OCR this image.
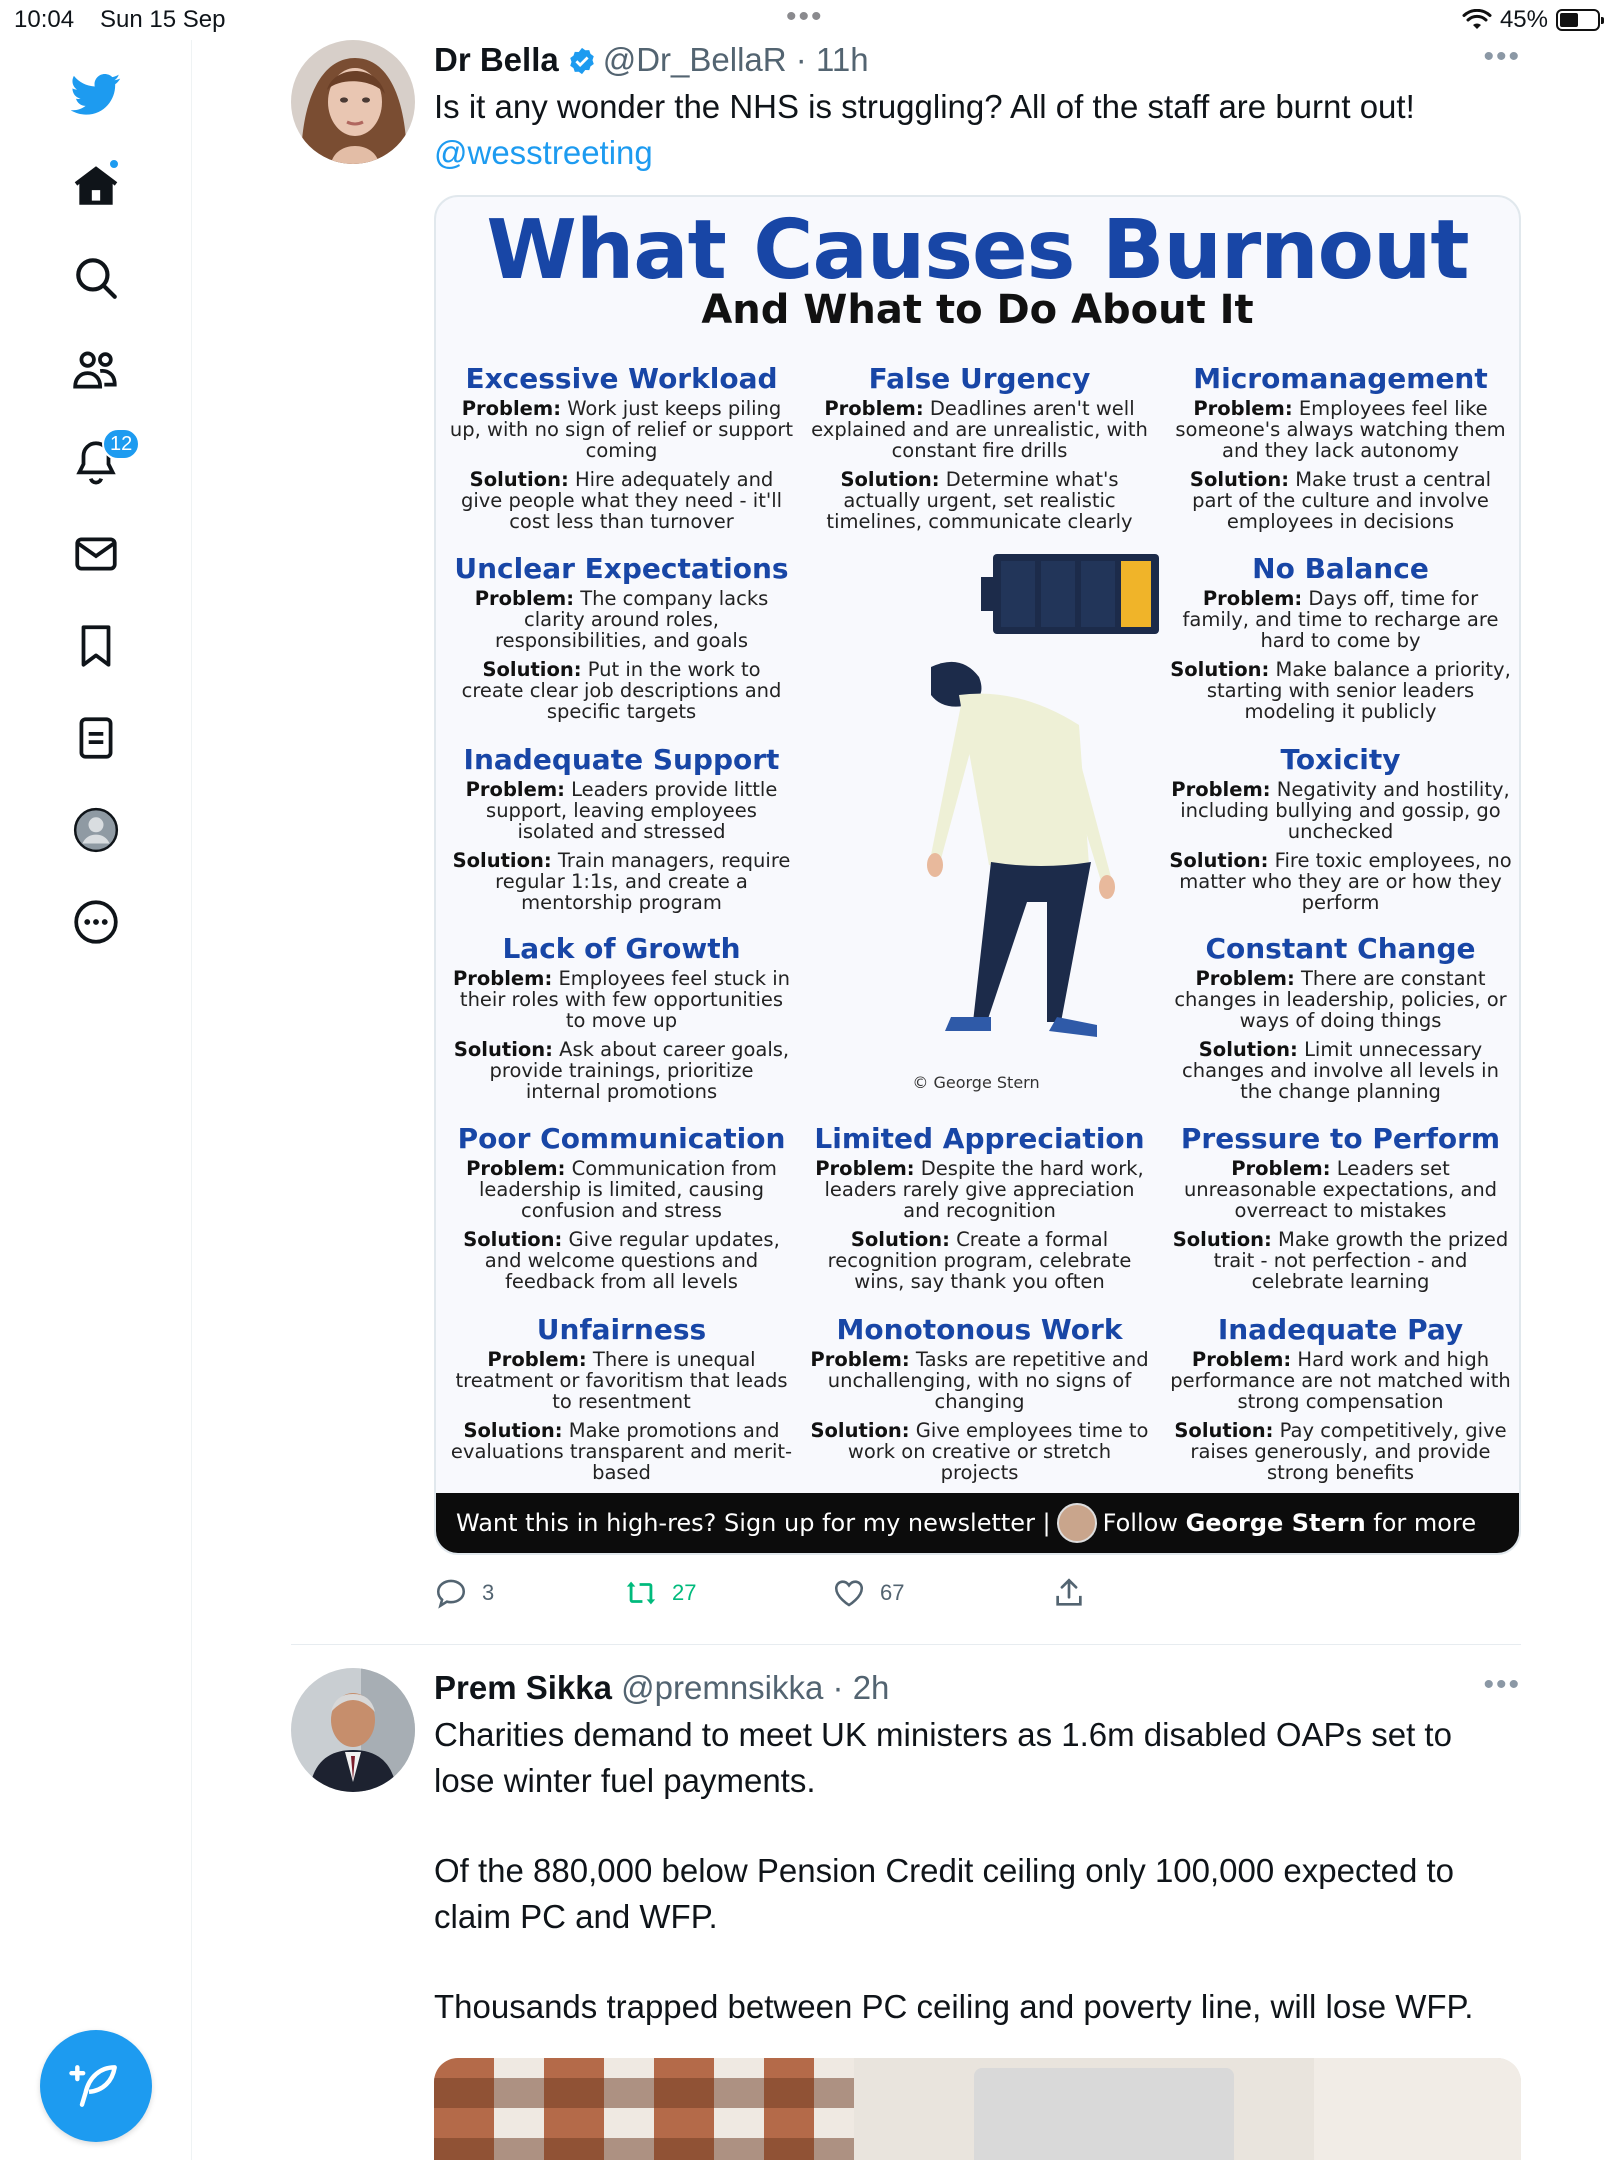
10:04 Sun 15 Sep	•••	45%
12
Dr Bella @Dr_BellaR · 11h	•••
Is it any wonder the NHS is struggling? All of the staff are burnt out!
@wesstreeting
What Causes Burnout
And What to Do About It
Excessive Workload

Problem: Work just keeps piling up, with no sign of relief or support coming

Solution: Hire adequately and give people what they need - it'll cost less than turnover

False Urgency

Problem: Deadlines aren't well explained and are unrealistic, with constant fire drills

Solution: Determine what's actually urgent, set realistic timelines, communicate clearly

Micromanagement

Problem: Employees feel like someone's always watching them and they lack autonomy

Solution: Make trust a central part of the culture and involve employees in decisions

Unclear Expectations

Problem: The company lacks clarity around roles, responsibilities, and goals

Solution: Put in the work to create clear job descriptions and specific targets

No Balance

Problem: Days off, time for family, and time to recharge are hard to come by

Solution: Make balance a priority, starting with senior leaders modeling it publicly

Inadequate Support

Problem: Leaders provide little support, leaving employees isolated and stressed

Solution: Train managers, require regular 1:1s, and create a mentorship program

Toxicity

Problem: Negativity and hostility, including bullying and gossip, go unchecked

Solution: Fire toxic employees, no matter who they are or how they perform

Lack of Growth

Problem: Employees feel stuck in their roles with few opportunities to move up

Solution: Ask about career goals, provide trainings, prioritize internal promotions

Constant Change

Problem: There are constant changes in leadership, policies, or ways of doing things

Solution: Limit unnecessary changes and involve all levels in the change planning

Poor Communication

Problem: Communication from leadership is limited, causing confusion and stress

Solution: Give regular updates, and welcome questions and feedback from all levels

Limited Appreciation

Problem: Despite the hard work, leaders rarely give appreciation and recognition

Solution: Create a formal recognition program, celebrate wins, say thank you often

Pressure to Perform

Problem: Leaders set unreasonable expectations, and overreact to mistakes

Solution: Make growth the prized trait - not perfection - and celebrate learning

Unfairness

Problem: There is unequal treatment or favoritism that leads to resentment

Solution: Make promotions and evaluations transparent and merit-based

Monotonous Work

Problem: Tasks are repetitive and unchallenging, with no signs of changing

Solution: Give employees time to work on creative or stretch projects

Inadequate Pay

Problem: Hard work and high performance are not matched with strong compensation

Solution: Pay competitively, give raises generously, and provide strong benefits

© George Stern
Want this in high-res? Sign up for my newsletter | Follow
George Stern
for more
3	27	67
Prem Sikka @premnsikka · 2h	•••

Charities demand to meet UK ministers as 1.6m disabled OAPs set to lose winter fuel payments.

Of the 880,000 below Pension Credit ceiling only 100,000 expected to claim PC and WFP.

Thousands trapped between PC ceiling and poverty line, will lose WFP.
